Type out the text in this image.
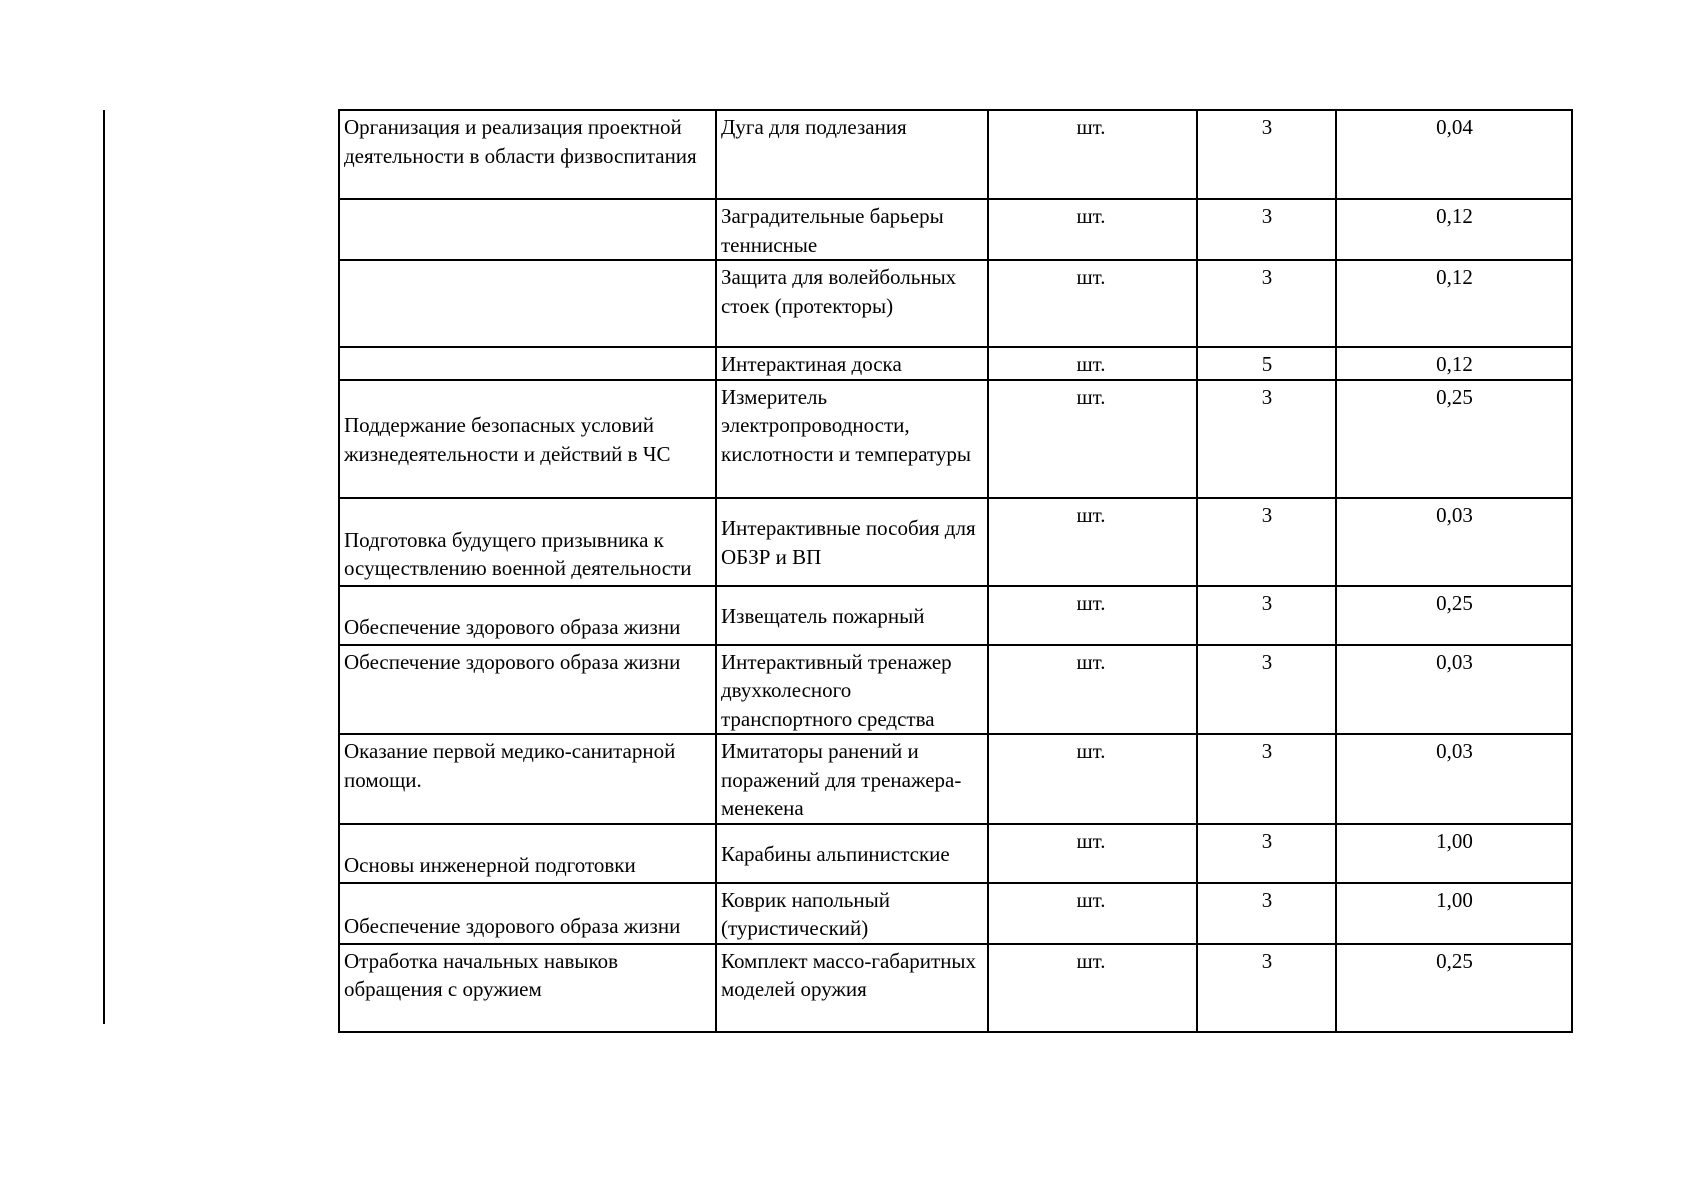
Организация и реализация проектной деятельности в области физвоспитания	Дуга для подлезания	шт.	3	0,04
	Заградительные барьеры теннисные	шт.	3	0,12
	Защита для волейбольных стоек (протекторы)	шт.	3	0,12
	Интерактиная доска	шт.	5	0,12
Поддержание безопасных условий жизнедеятельности и действий в ЧС	Измеритель электропроводности, кислотности и температуры	шт.	3	0,25
Подготовка будущего призывника к осуществлению военной деятельности	Интерактивные пособия для ОБЗР и ВП	шт.	3	0,03
Обеспечение здорового образа жизни	Извещатель пожарный	шт.	3	0,25
Обеспечение здорового образа жизни	Интерактивный тренажер двухколесного транспортного средства	шт.	3	0,03
Оказание первой медико-санитарной помощи.	Имитаторы ранений и поражений для тренажера-менекена	шт.	3	0,03
Основы инженерной подготовки	Карабины альпинистские	шт.	3	1,00
Обеспечение здорового образа жизни	Коврик напольный (туристический)	шт.	3	1,00
Отработка начальных навыков обращения с оружием	Комплект массо-габаритных моделей оружия	шт.	3	0,25
